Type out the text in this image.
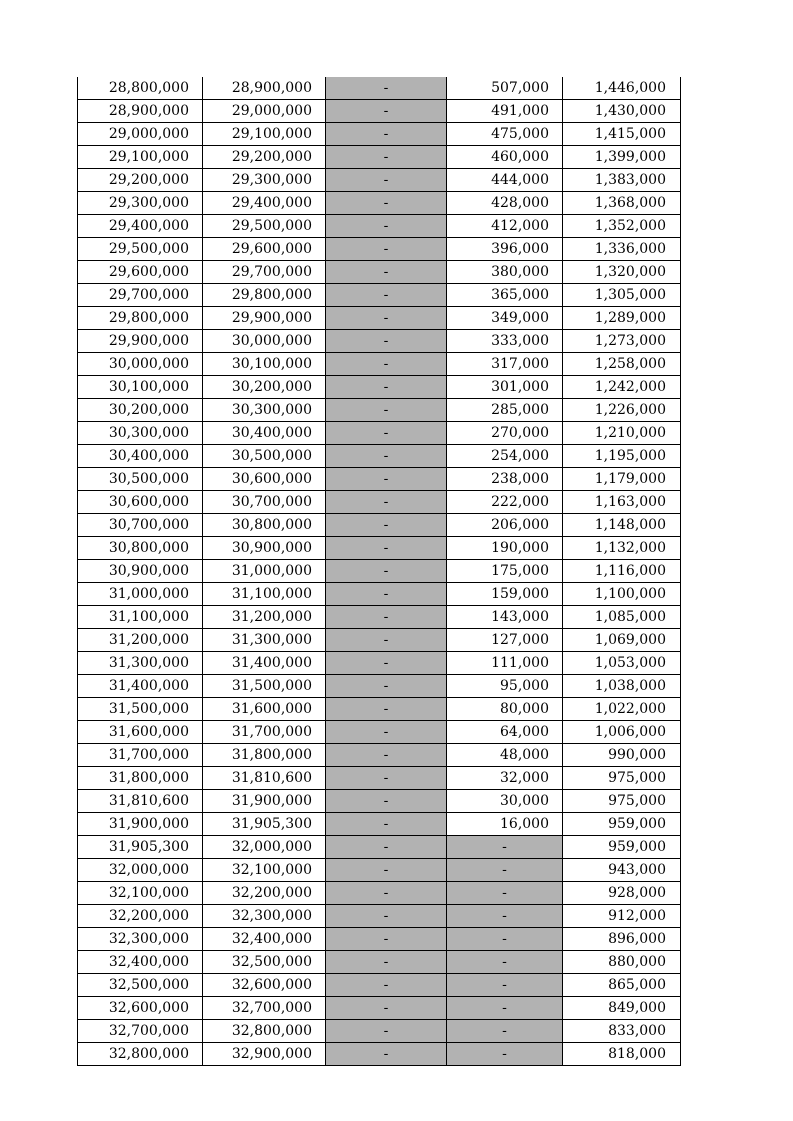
28,800,000	28,900,000	-	507,000	1,446,000
28,900,000	29,000,000	-	491,000	1,430,000
29,000,000	29,100,000	-	475,000	1,415,000
29,100,000	29,200,000	-	460,000	1,399,000
29,200,000	29,300,000	-	444,000	1,383,000
29,300,000	29,400,000	-	428,000	1,368,000
29,400,000	29,500,000	-	412,000	1,352,000
29,500,000	29,600,000	-	396,000	1,336,000
29,600,000	29,700,000	-	380,000	1,320,000
29,700,000	29,800,000	-	365,000	1,305,000
29,800,000	29,900,000	-	349,000	1,289,000
29,900,000	30,000,000	-	333,000	1,273,000
30,000,000	30,100,000	-	317,000	1,258,000
30,100,000	30,200,000	-	301,000	1,242,000
30,200,000	30,300,000	-	285,000	1,226,000
30,300,000	30,400,000	-	270,000	1,210,000
30,400,000	30,500,000	-	254,000	1,195,000
30,500,000	30,600,000	-	238,000	1,179,000
30,600,000	30,700,000	-	222,000	1,163,000
30,700,000	30,800,000	-	206,000	1,148,000
30,800,000	30,900,000	-	190,000	1,132,000
30,900,000	31,000,000	-	175,000	1,116,000
31,000,000	31,100,000	-	159,000	1,100,000
31,100,000	31,200,000	-	143,000	1,085,000
31,200,000	31,300,000	-	127,000	1,069,000
31,300,000	31,400,000	-	111,000	1,053,000
31,400,000	31,500,000	-	95,000	1,038,000
31,500,000	31,600,000	-	80,000	1,022,000
31,600,000	31,700,000	-	64,000	1,006,000
31,700,000	31,800,000	-	48,000	990,000
31,800,000	31,810,600	-	32,000	975,000
31,810,600	31,900,000	-	30,000	975,000
31,900,000	31,905,300	-	16,000	959,000
31,905,300	32,000,000	-	-	959,000
32,000,000	32,100,000	-	-	943,000
32,100,000	32,200,000	-	-	928,000
32,200,000	32,300,000	-	-	912,000
32,300,000	32,400,000	-	-	896,000
32,400,000	32,500,000	-	-	880,000
32,500,000	32,600,000	-	-	865,000
32,600,000	32,700,000	-	-	849,000
32,700,000	32,800,000	-	-	833,000
32,800,000	32,900,000	-	-	818,000
